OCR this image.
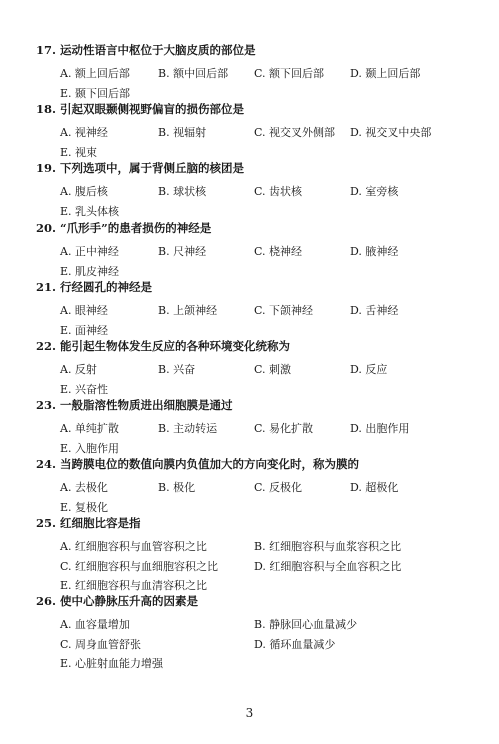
17. 运动性语言中枢位于大脑皮质的部位是
A. 额上回后部	B. 额中回后部 C. 额下回后部 D. 颞上回后部
E. 颞下回后部
18. 引起双眼颞侧视野偏盲的损伤部位是
A. 视神经	B. 视辐射	C. 视交叉外侧部 D. 视交叉中央部
E. 视束
19. 下列选项中，属于背侧丘脑的核团是
A. 腹后核	B. 球状核	C. 齿状核	D. 室旁核
E. 乳头体核
20. “爪形手”的患者损伤的神经是
A. 正中神经	B. 尺神经	C. 桡神经	D. 腋神经
E. 肌皮神经
21. 行经圆孔的神经是
A. 眼神经	B. 上颌神经	C. 下颌神经	D. 舌神经
E. 面神经
22. 能引起生物体发生反应的各种环境变化统称为
A. 反射	B. 兴奋	C. 刺激	D. 反应
E. 兴奋性
23. 一般脂溶性物质进出细胞膜是通过
A. 单纯扩散	B. 主动转运	C. 易化扩散	D. 出胞作用
E. 入胞作用
24. 当跨膜电位的数值向膜内负值加大的方向变化时，称为膜的
A. 去极化	B. 极化	C. 反极化	D. 超极化
E. 复极化
25. 红细胞比容是指
A. 红细胞容积与血管容积之比	B. 红细胞容积与血浆容积之比
C. 红细胞容积与血细胞容积之比	D. 红细胞容积与全血容积之比
E. 红细胞容积与血清容积之比
26. 使中心静脉压升高的因素是
A. 血容量增加	B. 静脉回心血量减少
C. 周身血管舒张	D. 循环血量减少
E. 心脏射血能力增强
3
